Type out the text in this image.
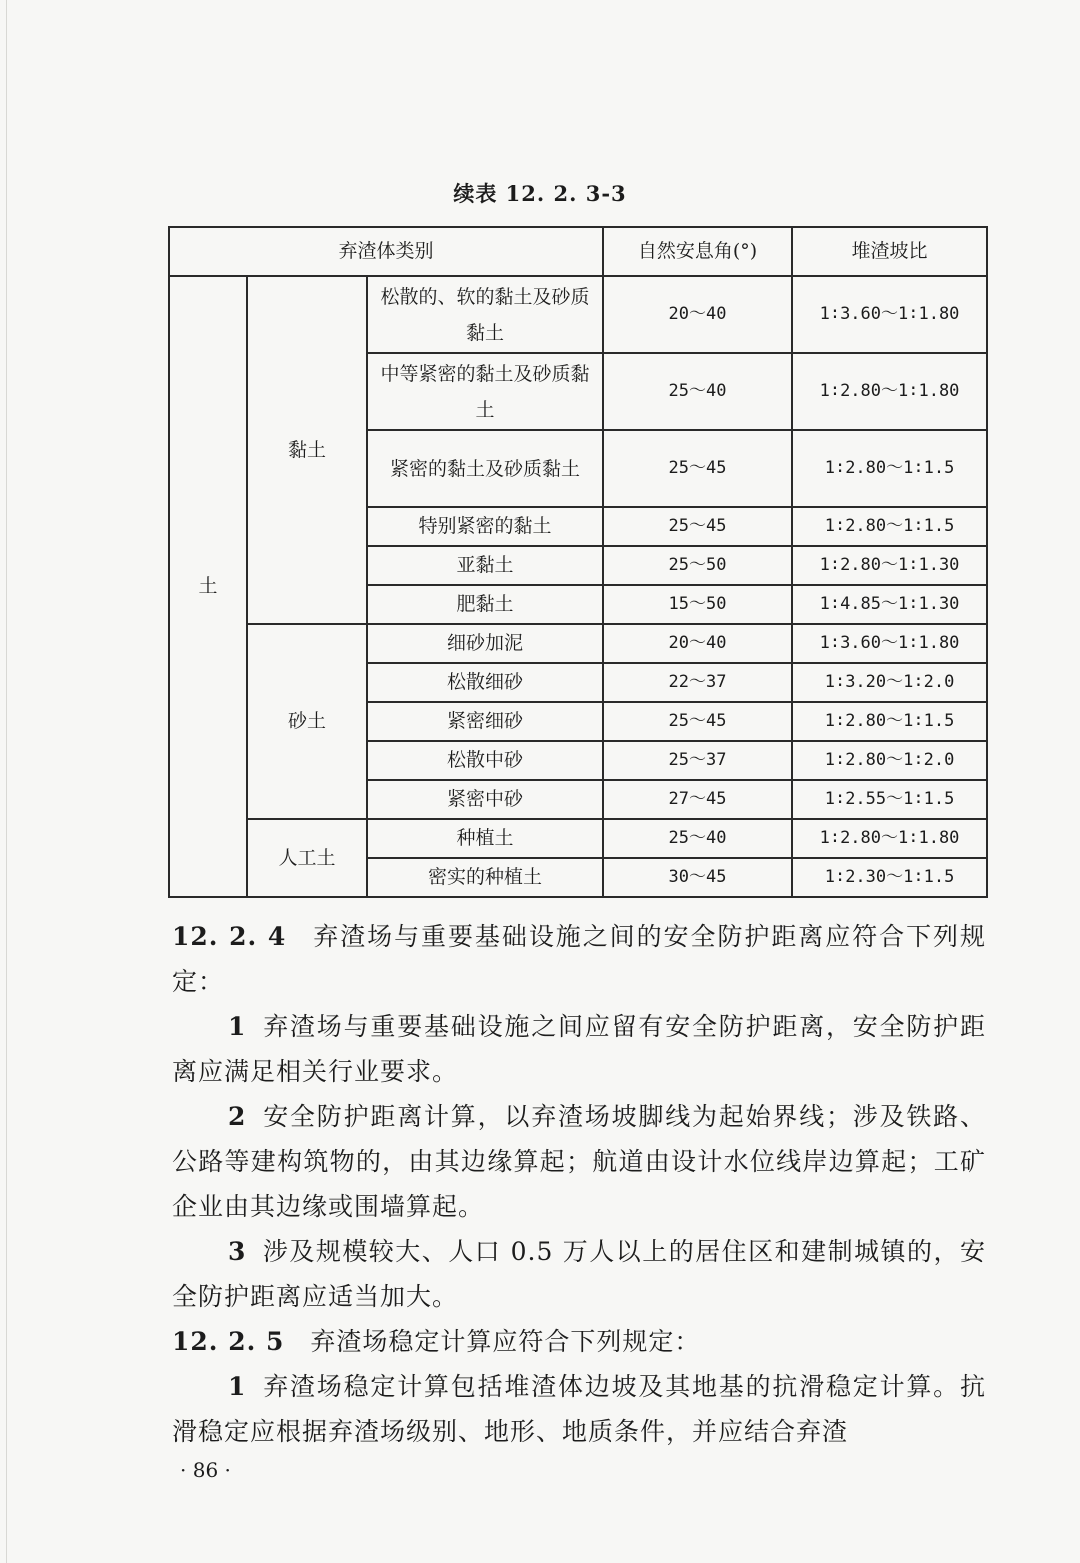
续表 12. 2. 3-3
弃渣体类别			自然安息角(°)	堆渣坡比
土	黏土	松散的、软的黏土及砂质黏土	20～40	1∶3.60～1∶1.80
		中等紧密的黏土及砂质黏土	25～40	1∶2.80～1∶1.80
		紧密的黏土及砂质黏土	25～45	1∶2.80～1∶1.5
		特别紧密的黏土	25～45	1∶2.80～1∶1.5
		亚黏土	25～50	1∶2.80～1∶1.30
		肥黏土	15～50	1∶4.85～1∶1.30
	砂土	细砂加泥	20～40	1∶3.60～1∶1.80
		松散细砂	22～37	1∶3.20～1∶2.0
		紧密细砂	25～45	1∶2.80～1∶1.5
		松散中砂	25～37	1∶2.80～1∶2.0
		紧密中砂	27～45	1∶2.55～1∶1.5
	人工土	种植土	25～40	1∶2.80～1∶1.80
		密实的种植土	30～45	1∶2.30～1∶1.5

12. 2. 4 弃渣场与重要基础设施之间的安全防护距离应符合下列规定：

1 弃渣场与重要基础设施之间应留有安全防护距离，安全防护距离应满足相关行业要求。

2 安全防护距离计算，以弃渣场坡脚线为起始界线；涉及铁路、公路等建构筑物的，由其边缘算起；航道由设计水位线岸边算起；工矿企业由其边缘或围墙算起。

3 涉及规模较大、人口 0.5 万人以上的居住区和建制城镇的，安全防护距离应适当加大。

12. 2. 5 弃渣场稳定计算应符合下列规定：

1 弃渣场稳定计算包括堆渣体边坡及其地基的抗滑稳定计算。抗滑稳定应根据弃渣场级别、地形、地质条件，并应结合弃渣

· 86 ·
